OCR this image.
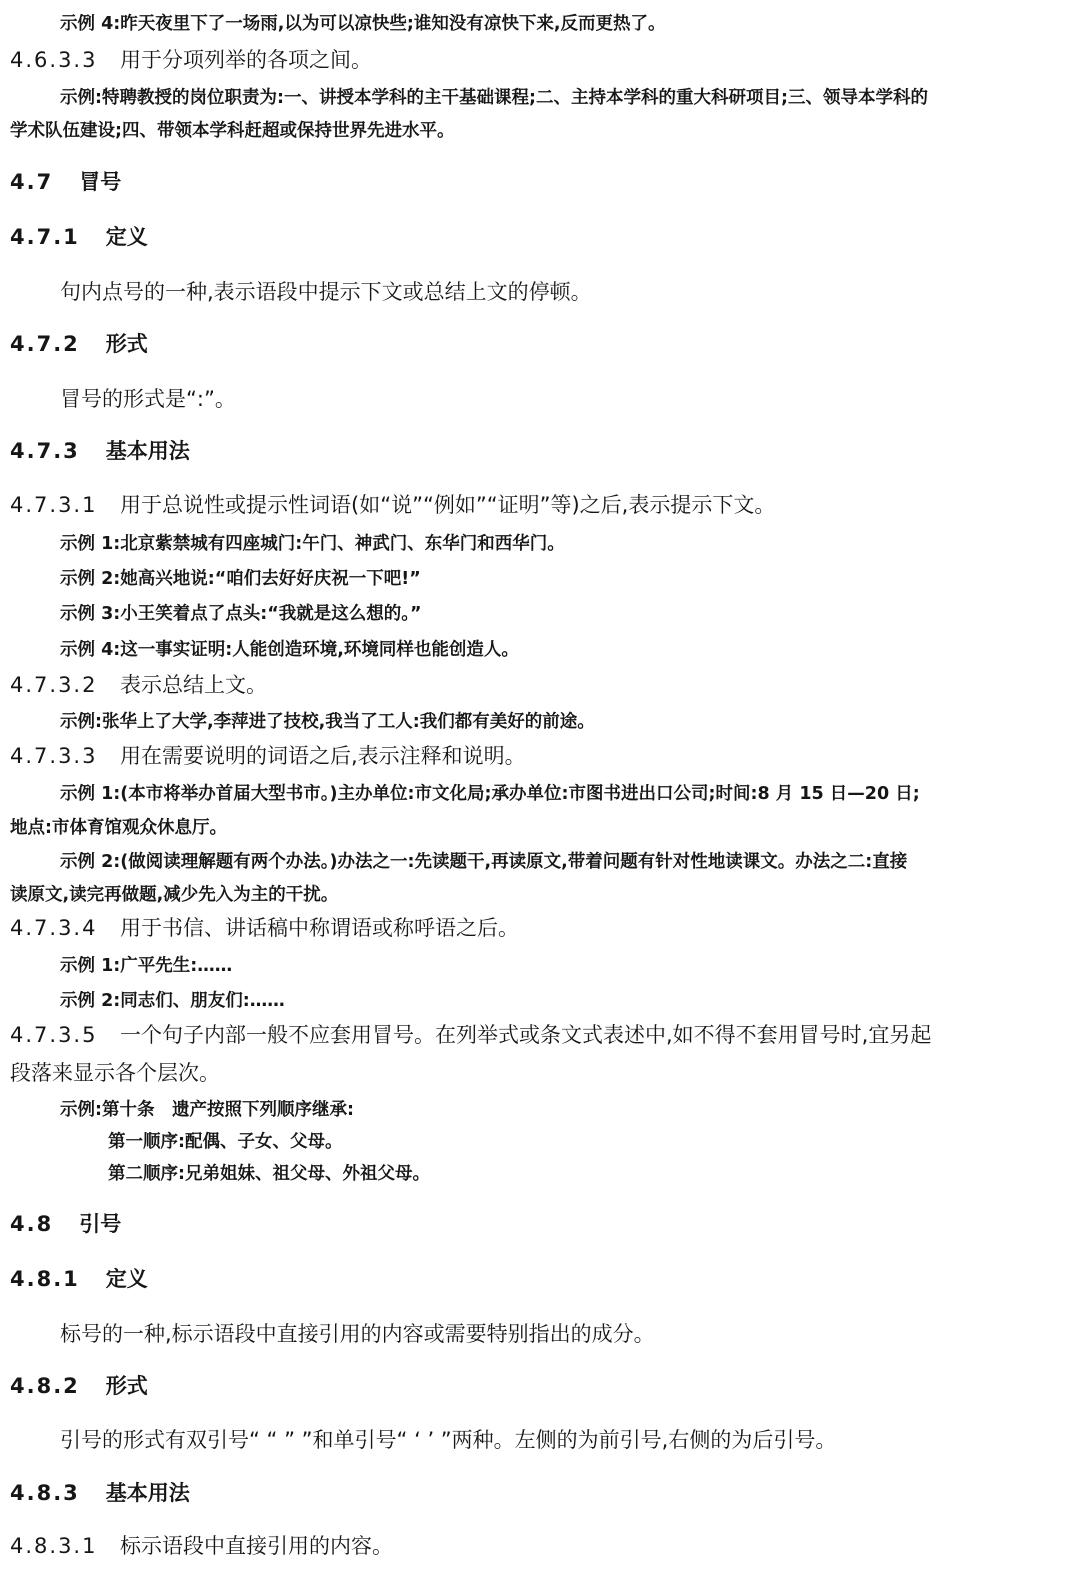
示例 4:昨天夜里下了一场雨,以为可以凉快些;谁知没有凉快下来,反而更热了。
4.6.3.3 用于分项列举的各项之间。
示例:特聘教授的岗位职责为:一、讲授本学科的主干基础课程;二、主持本学科的重大科研项目;三、领导本学科的
学术队伍建设;四、带领本学科赶超或保持世界先进水平。
4.7 冒号
4.7.1 定义
句内点号的一种,表示语段中提示下文或总结上文的停顿。
4.7.2 形式
冒号的形式是“:”。
4.7.3 基本用法
4.7.3.1 用于总说性或提示性词语(如“说”“例如”“证明”等)之后,表示提示下文。
示例 1:北京紫禁城有四座城门:午门、神武门、东华门和西华门。
示例 2:她高兴地说:“咱们去好好庆祝一下吧!”
示例 3:小王笑着点了点头:“我就是这么想的。”
示例 4:这一事实证明:人能创造环境,环境同样也能创造人。
4.7.3.2 表示总结上文。
示例:张华上了大学,李萍进了技校,我当了工人:我们都有美好的前途。
4.7.3.3 用在需要说明的词语之后,表示注释和说明。
示例 1:(本市将举办首届大型书市。)主办单位:市文化局;承办单位:市图书进出口公司;时间:8 月 15 日—20 日;
地点:市体育馆观众休息厅。
示例 2:(做阅读理解题有两个办法。)办法之一:先读题干,再读原文,带着问题有针对性地读课文。办法之二:直接
读原文,读完再做题,减少先入为主的干扰。
4.7.3.4 用于书信、讲话稿中称谓语或称呼语之后。
示例 1:广平先生:……
示例 2:同志们、朋友们:……
4.7.3.5 一个句子内部一般不应套用冒号。在列举式或条文式表述中,如不得不套用冒号时,宜另起
段落来显示各个层次。
示例:第十条　遗产按照下列顺序继承:
第一顺序:配偶、子女、父母。
第二顺序:兄弟姐妹、祖父母、外祖父母。
4.8 引号
4.8.1 定义
标号的一种,标示语段中直接引用的内容或需要特别指出的成分。
4.8.2 形式
引号的形式有双引号“ “ ” ”和单引号“ ‘ ’ ”两种。左侧的为前引号,右侧的为后引号。
4.8.3 基本用法
4.8.3.1 标示语段中直接引用的内容。
